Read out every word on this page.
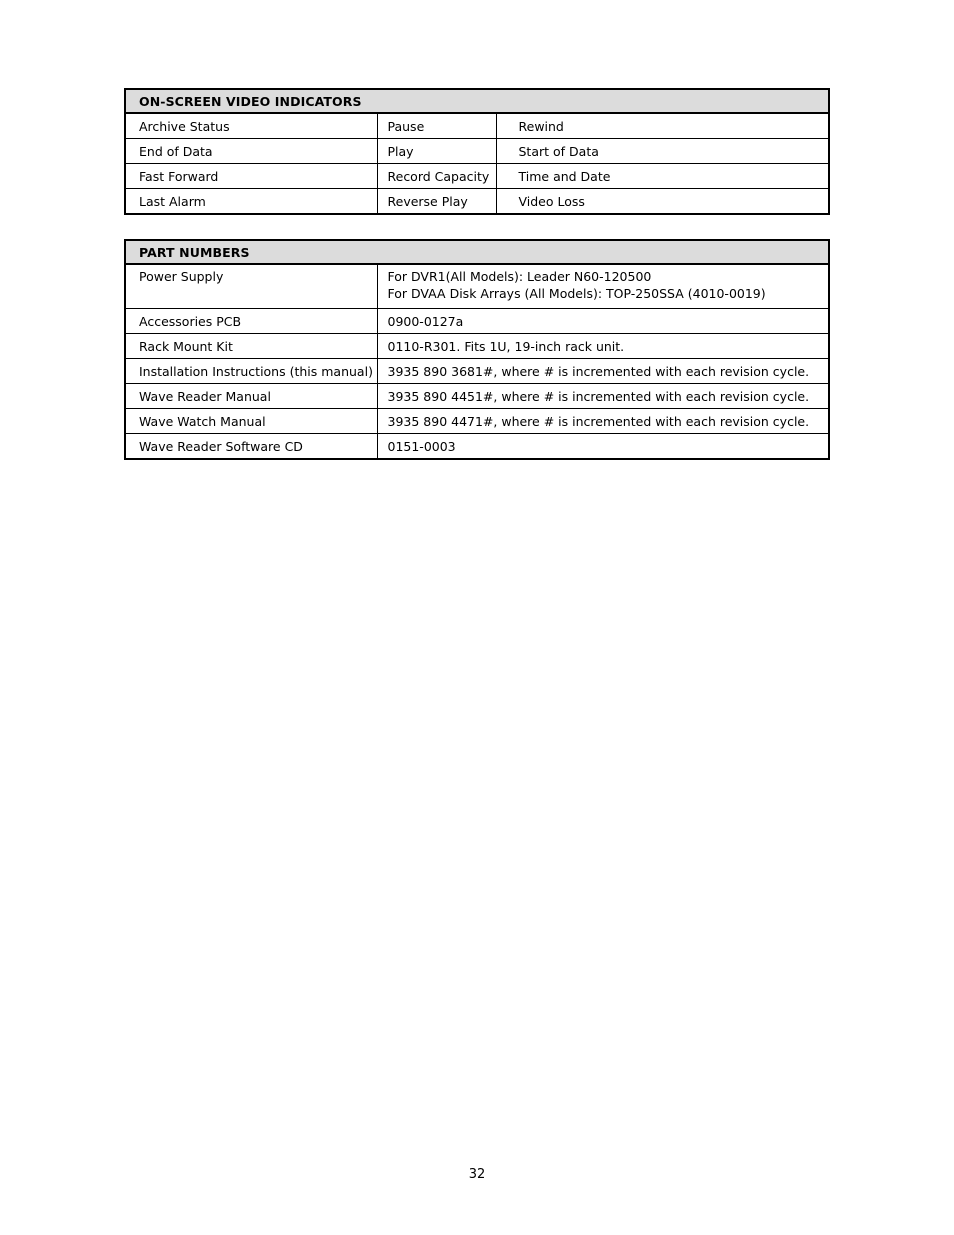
ON-SCREEN VIDEO INDICATORS		
Archive Status	Pause	Rewind
End of Data	Play	Start of Data
Fast Forward	Record Capacity	Time and Date
Last Alarm	Reverse Play	Video Loss
PART NUMBERS	
Power Supply	For DVR1(All Models): Leader N60-120500
For DVAA Disk Arrays (All Models): TOP-250SSA (4010-0019)

Accessories PCB	0900-0127a
Rack Mount Kit	0110-R301. Fits 1U, 19-inch rack unit.
Installation Instructions (this manual)	3935 890 3681#, where # is incremented with each revision cycle.
Wave Reader Manual	3935 890 4451#, where # is incremented with each revision cycle.
Wave Watch Manual	3935 890 4471#, where # is incremented with each revision cycle.
Wave Reader Software CD	0151-0003
32
